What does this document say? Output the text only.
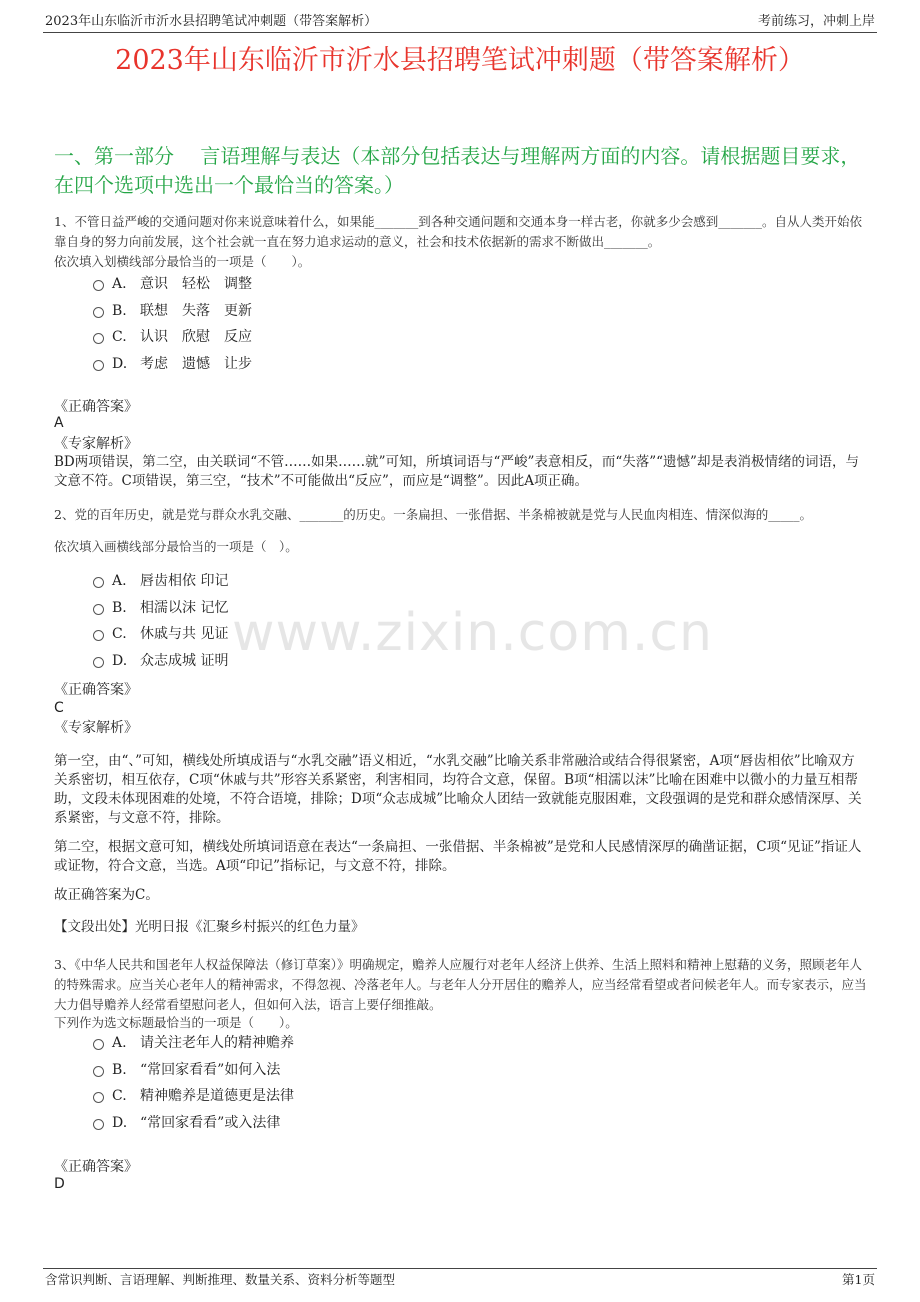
2023年山东临沂市沂水县招聘笔试冲刺题（带答案解析）	考前练习，冲刺上岸
2023年山东临沂市沂水县招聘笔试冲刺题（带答案解析）
一、第一部分　 言语理解与表达（本部分包括表达与理解两方面的内容。请根据题目要求，在四个选项中选出一个最恰当的答案。）
www.zixin.com.cn
1、不管日益严峻的交通问题对你来说意味着什么，如果能_______到各种交通问题和交通本身一样古老，你就多少会感到_______。自从人类开始依靠自身的努力向前发展，这个社会就一直在努力追求运动的意义，社会和技术依据新的需求不断做出_______。
依次填入划横线部分最恰当的一项是（　　）。
A. 意识　轻松　调整
B. 联想　失落　更新
C. 认识　欣慰　反应
D. 考虑　遗憾　让步
《正确答案》
A
《专家解析》
BD两项错误，第二空，由关联词“不管……如果……就”可知，所填词语与“严峻”表意相反，而“失落”“遗憾”却是表消极情绪的词语，与文意不符。C项错误，第三空，“技术”不可能做出“反应”，而应是“调整”。因此A项正确。
2、党的百年历史，就是党与群众水乳交融、_______的历史。一条扁担、一张借据、半条棉被就是党与人民血肉相连、情深似海的_____。
依次填入画横线部分最恰当的一项是（　）。
A. 唇齿相依 印记
B. 相濡以沫 记忆
C. 休戚与共 见证
D. 众志成城 证明
《正确答案》
C
《专家解析》
第一空，由“、”可知，横线处所填成语与“水乳交融”语义相近，“水乳交融”比喻关系非常融洽或结合得很紧密，A项“唇齿相依”比喻双方关系密切，相互依存，C项“休戚与共”形容关系紧密，利害相同，均符合文意，保留。B项“相濡以沫”比喻在困难中以微小的力量互相帮助，文段未体现困难的处境，不符合语境，排除；D项“众志成城”比喻众人团结一致就能克服困难，文段强调的是党和群众感情深厚、关系紧密，与文意不符，排除。
第二空，根据文意可知，横线处所填词语意在表达“一条扁担、一张借据、半条棉被”是党和人民感情深厚的确凿证据，C项“见证”指证人或证物，符合文意，当选。A项“印记”指标记，与文意不符，排除。
故正确答案为C。
【文段出处】光明日报《汇聚乡村振兴的红色力量》
3、《中华人民共和国老年人权益保障法（修订草案）》明确规定，赡养人应履行对老年人经济上供养、生活上照料和精神上慰藉的义务，照顾老年人的特殊需求。应当关心老年人的精神需求，不得忽视、冷落老年人。与老年人分开居住的赡养人，应当经常看望或者问候老年人。而专家表示，应当大力倡导赡养人经常看望慰问老人，但如何入法，语言上要仔细推敲。
下列作为选文标题最恰当的一项是（　　）。
A. 请关注老年人的精神赡养
B. “常回家看看”如何入法
C. 精神赡养是道德更是法律
D. “常回家看看”或入法律
《正确答案》
D
含常识判断、言语理解、判断推理、数量关系、资料分析等题型	第1页
